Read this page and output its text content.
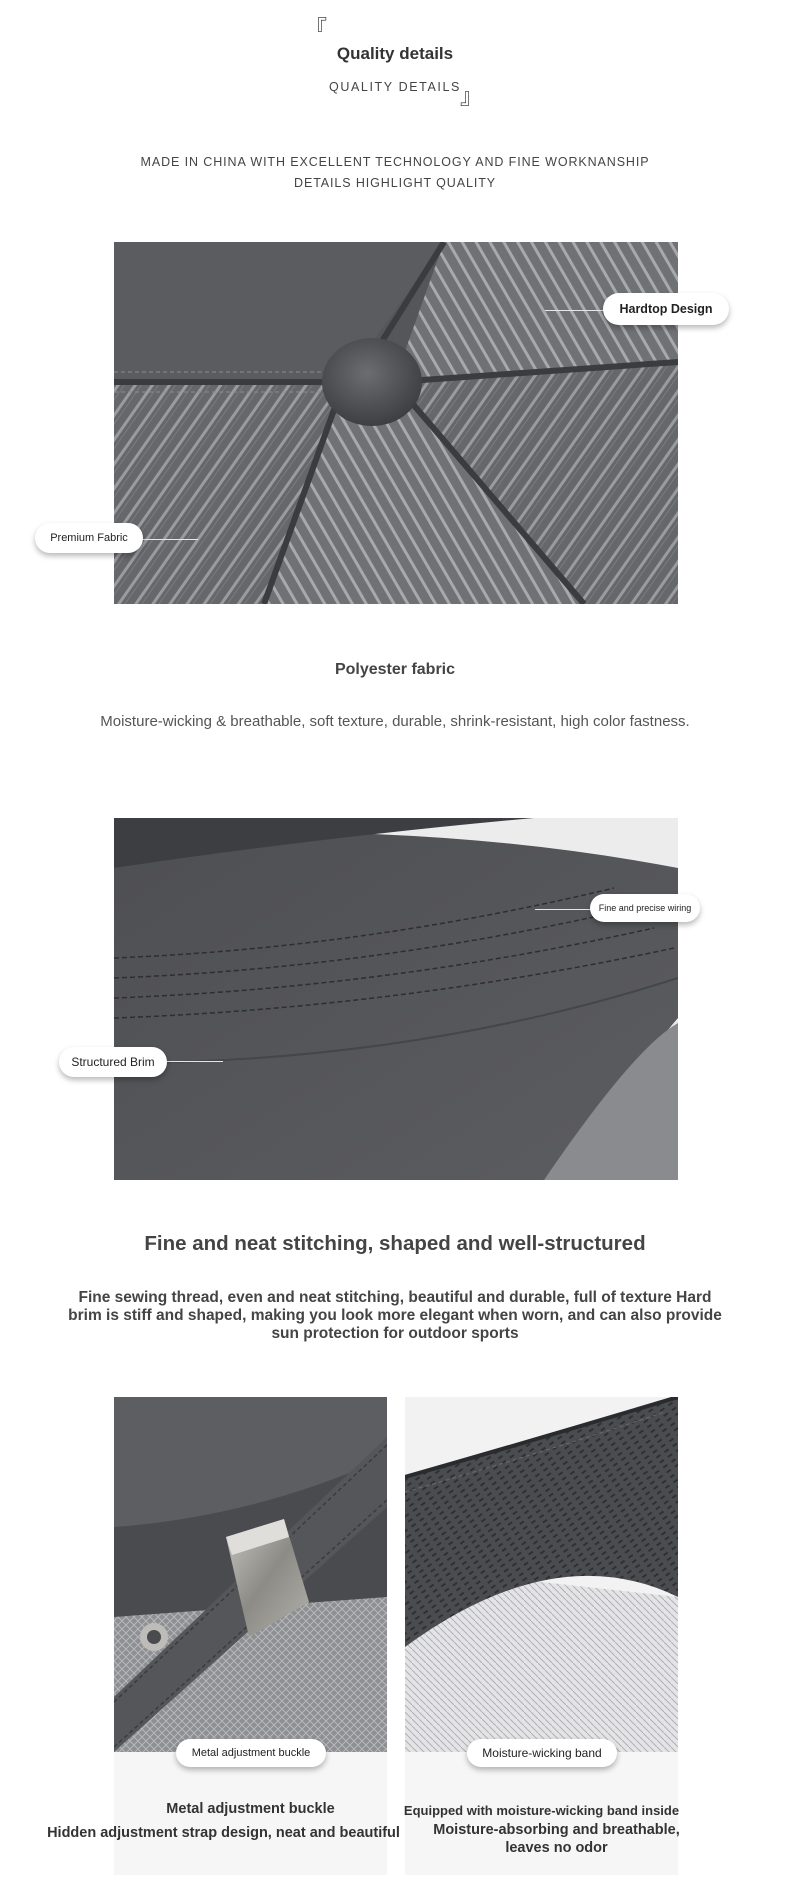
『
Quality details
QUALITY DETAILS 』
MADE IN CHINA WITH EXCELLENT TECHNOLOGY AND FINE WORKNANSHIP
DETAILS HIGHLIGHT QUALITY
Hardtop Design
Premium Fabric
Polyester fabric
Moisture-wicking & breathable, soft texture, durable, shrink-resistant, high color fastness.
Fine and precise wiring
Structured Brim
Fine and neat stitching, shaped and well-structured
Fine sewing thread, even and neat stitching, beautiful and durable, full of texture Hard
brim is stiff and shaped, making you look more elegant when worn, and can also provide
sun protection for outdoor sports
Metal adjustment buckle
Metal adjustment buckle
Hidden adjustment strap design, neat and beautiful
Moisture-wicking band
Equipped with moisture-wicking band inside
Moisture-absorbing and breathable,
leaves no odor
